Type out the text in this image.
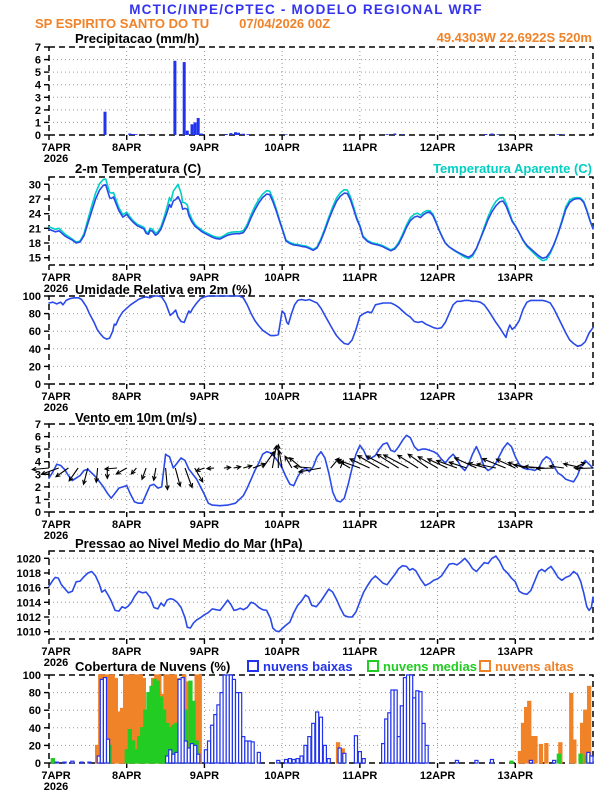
MCTIC/INPE/CPTEC - MODELO REGIONAL WRF
SP ESPIRITO SANTO DO TU 07/04/2026 00Z
49.4303W 22.6922S 520m
Precipitacao (mm/h)
0
1
2
3
4
5
6
7
7APR
2026
8APR	9APR	10APR	11APR	12APR	13APR
2-m Temperatura (C)	Temperatura Aparente (C)
15
18
21
24
27
30
7APR
2026
8APR	9APR	10APR	11APR	12APR	13APR
Umidade Relativa em 2m (%)
0
20
40
60
80
100
7APR
2026
8APR	9APR	10APR	11APR	12APR	13APR
Vento em 10m (m/s)
0
1
2
3
4
5
6
7
7APR
2026
8APR	9APR	10APR	11APR	12APR	13APR
Pressao ao Nivel Medio do Mar (hPa)
1010
1012
1014
1016
1018
1020
7APR
2026
8APR	9APR	10APR	11APR	12APR	13APR
Cobertura de Nuvens (%)	nuvens baixas	nuvens medias	nuvens altas
0
20
40
60
80
100
7APR
2026
8APR	9APR	10APR	11APR	12APR	13APR
